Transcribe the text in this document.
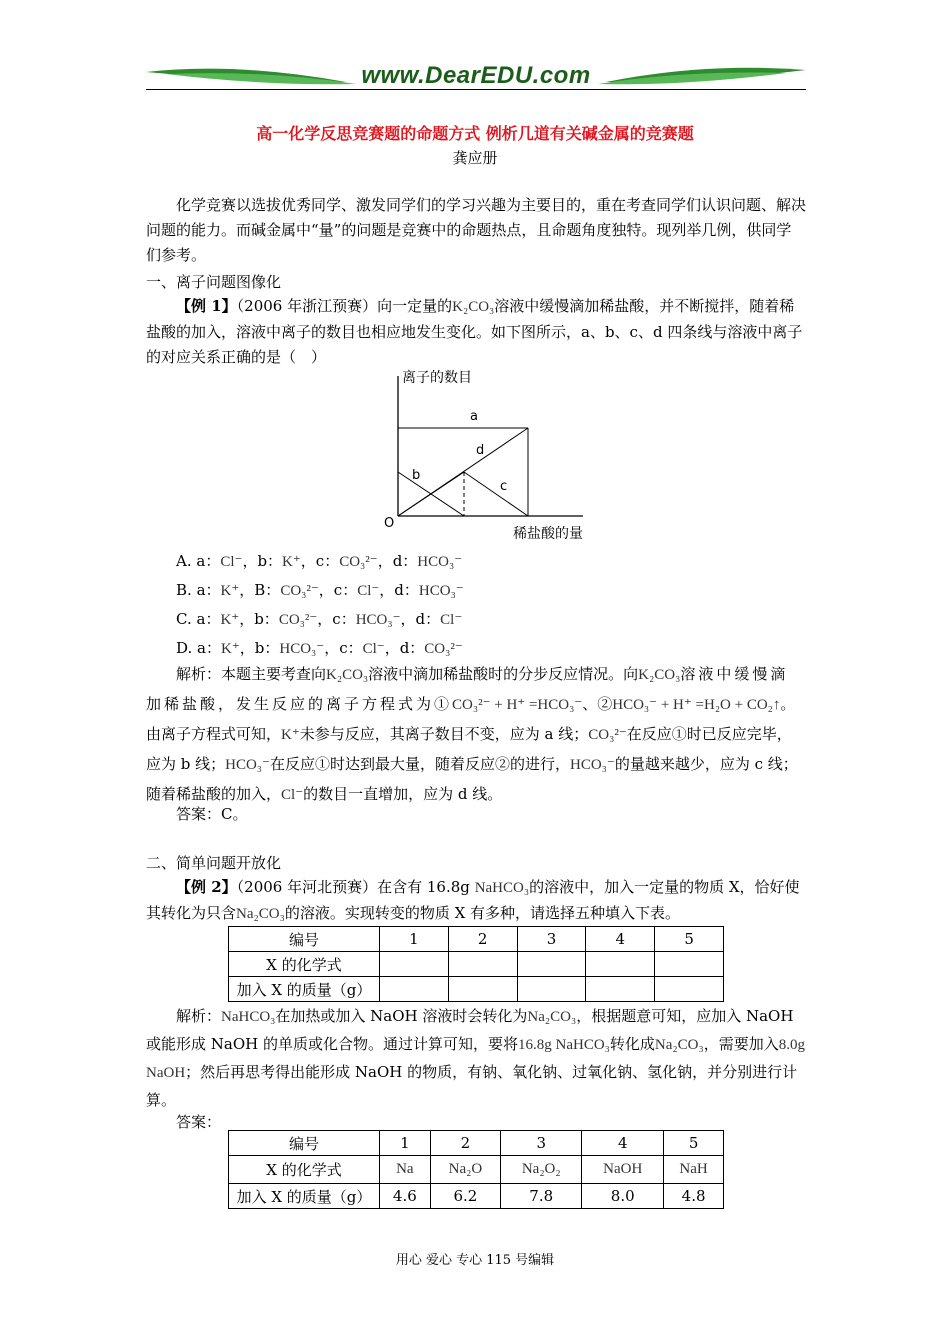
www.DearEDU.com
高一化学反思竞赛题的命题方式 例析几道有关碱金属的竞赛题
龚应册
化学竞赛以选拔优秀同学、激发同学们的学习兴趣为主要目的，重在考查同学们认识问题、解决问题的能力。而碱金属中“量”的问题是竞赛中的命题热点，且命题角度独特。现列举几例，供同学们参考。
一、离子问题图像化
【例 1】（2006 年浙江预赛）向一定量的K₂CO₃溶液中缓慢滴加稀盐酸，并不断搅拌，随着稀盐酸的加入，溶液中离子的数目也相应地发生变化。如下图所示，a、b、c、d 四条线与溶液中离子的对应关系正确的是（　）
离子的数目
稀盐酸的量
O
a
b
c
d
A. a：Cl⁻，b：K⁺，c：CO₃²⁻，d：HCO₃⁻
B. a：K⁺，B：CO₃²⁻，c：Cl⁻，d：HCO₃⁻
C. a：K⁺，b：CO₃²⁻，c：HCO₃⁻，d：Cl⁻
D. a：K⁺，b：HCO₃⁻，c：Cl⁻，d：CO₃²⁻
解析：本题主要考查向K₂CO₃溶液中滴加稀盐酸时的分步反应情况。向K₂CO₃溶液中缓慢滴加稀盐酸，发生反应的离子方程式为①CO₃²⁻ + H⁺ =HCO₃⁻、②HCO₃⁻ + H⁺ =H₂O + CO₂↑。由离子方程式可知，K⁺未参与反应，其离子数目不变，应为 a 线；CO₃²⁻在反应①时已反应完毕，应为 b 线；HCO₃⁻在反应①时达到最大量，随着反应②的进行，HCO₃⁻的量越来越少，应为 c 线；随着稀盐酸的加入，Cl⁻的数目一直增加，应为 d 线。
答案：C。
二、简单问题开放化
【例 2】（2006 年河北预赛）在含有 16.8g NaHCO₃的溶液中，加入一定量的物质 X，恰好使其转化为只含Na₂CO₃的溶液。实现转变的物质 X 有多种，请选择五种填入下表。
编号	1	2	3	4	5
X 的化学式					
加入 X 的质量（g）					
解析：NaHCO₃在加热或加入 NaOH 溶液时会转化为Na₂CO₃，根据题意可知，应加入 NaOH 或能形成 NaOH 的单质或化合物。通过计算可知，要将16.8g NaHCO₃转化成Na₂CO₃，需要加入8.0g NaOH；然后再思考得出能形成 NaOH 的物质，有钠、氧化钠、过氧化钠、氢化钠，并分别进行计算。
答案：
编号	1	2	3	4	5
X 的化学式	Na	Na₂O	Na₂O₂	NaOH	NaH
加入 X 的质量（g）	4.6	6.2	7.8	8.0	4.8
用心 爱心 专心 115 号编辑
